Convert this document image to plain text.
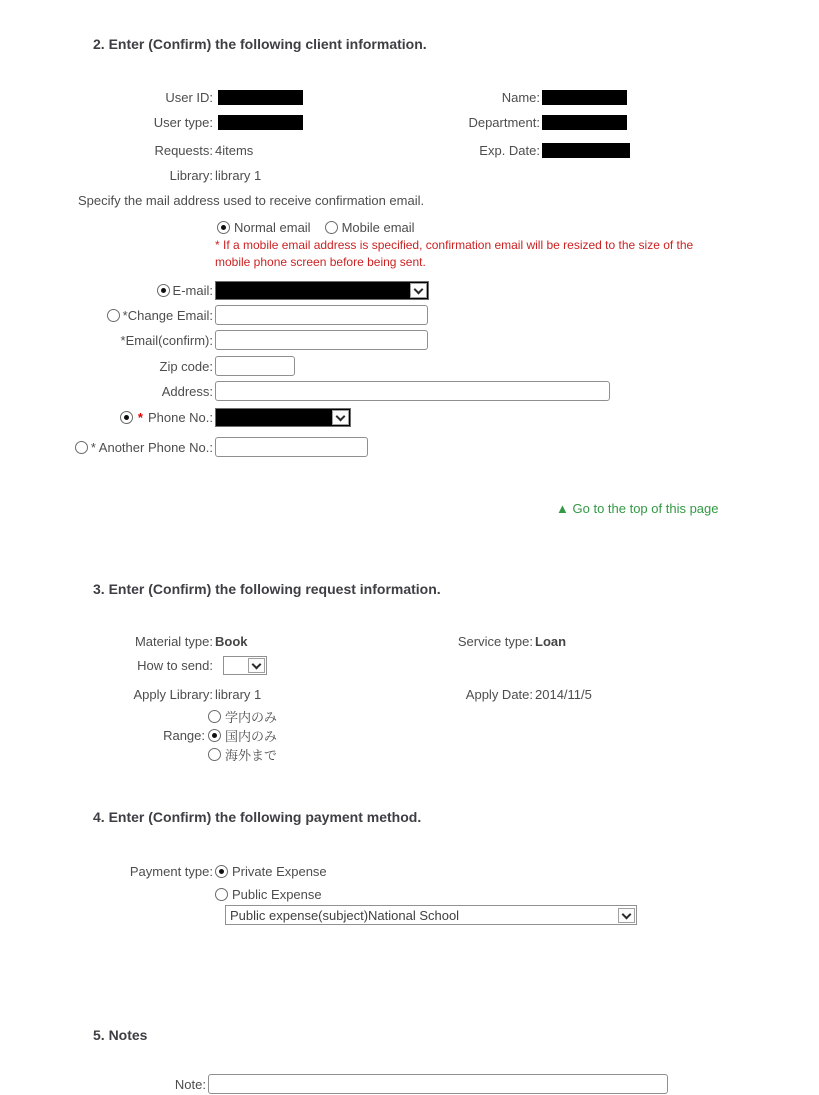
2. Enter (Confirm) the following client information.
User ID:	Name:
User type:	Department:
Requests: 4items	Exp. Date:
Library: library 1
Specify the mail address used to receive confirmation email.
Normal email Mobile email
* If a mobile email address is specified, confirmation email will be resized to the size of the
mobile phone screen before being sent.
E-mail:
*Change Email:
*Email(confirm):
Zip code:
Address:
* Phone No.:
* Another Phone No.:
▲ Go to the top of this page
3. Enter (Confirm) the following request information.
Material type: Book	Service type: Loan
How to send:
Apply Library: library 1	Apply Date: 2014/11/5
学内のみ
Range: 国内のみ
海外まで
4. Enter (Confirm) the following payment method.
Payment type: Private Expense
Public Expense
Public expense(subject)National School
5. Notes
Note:
